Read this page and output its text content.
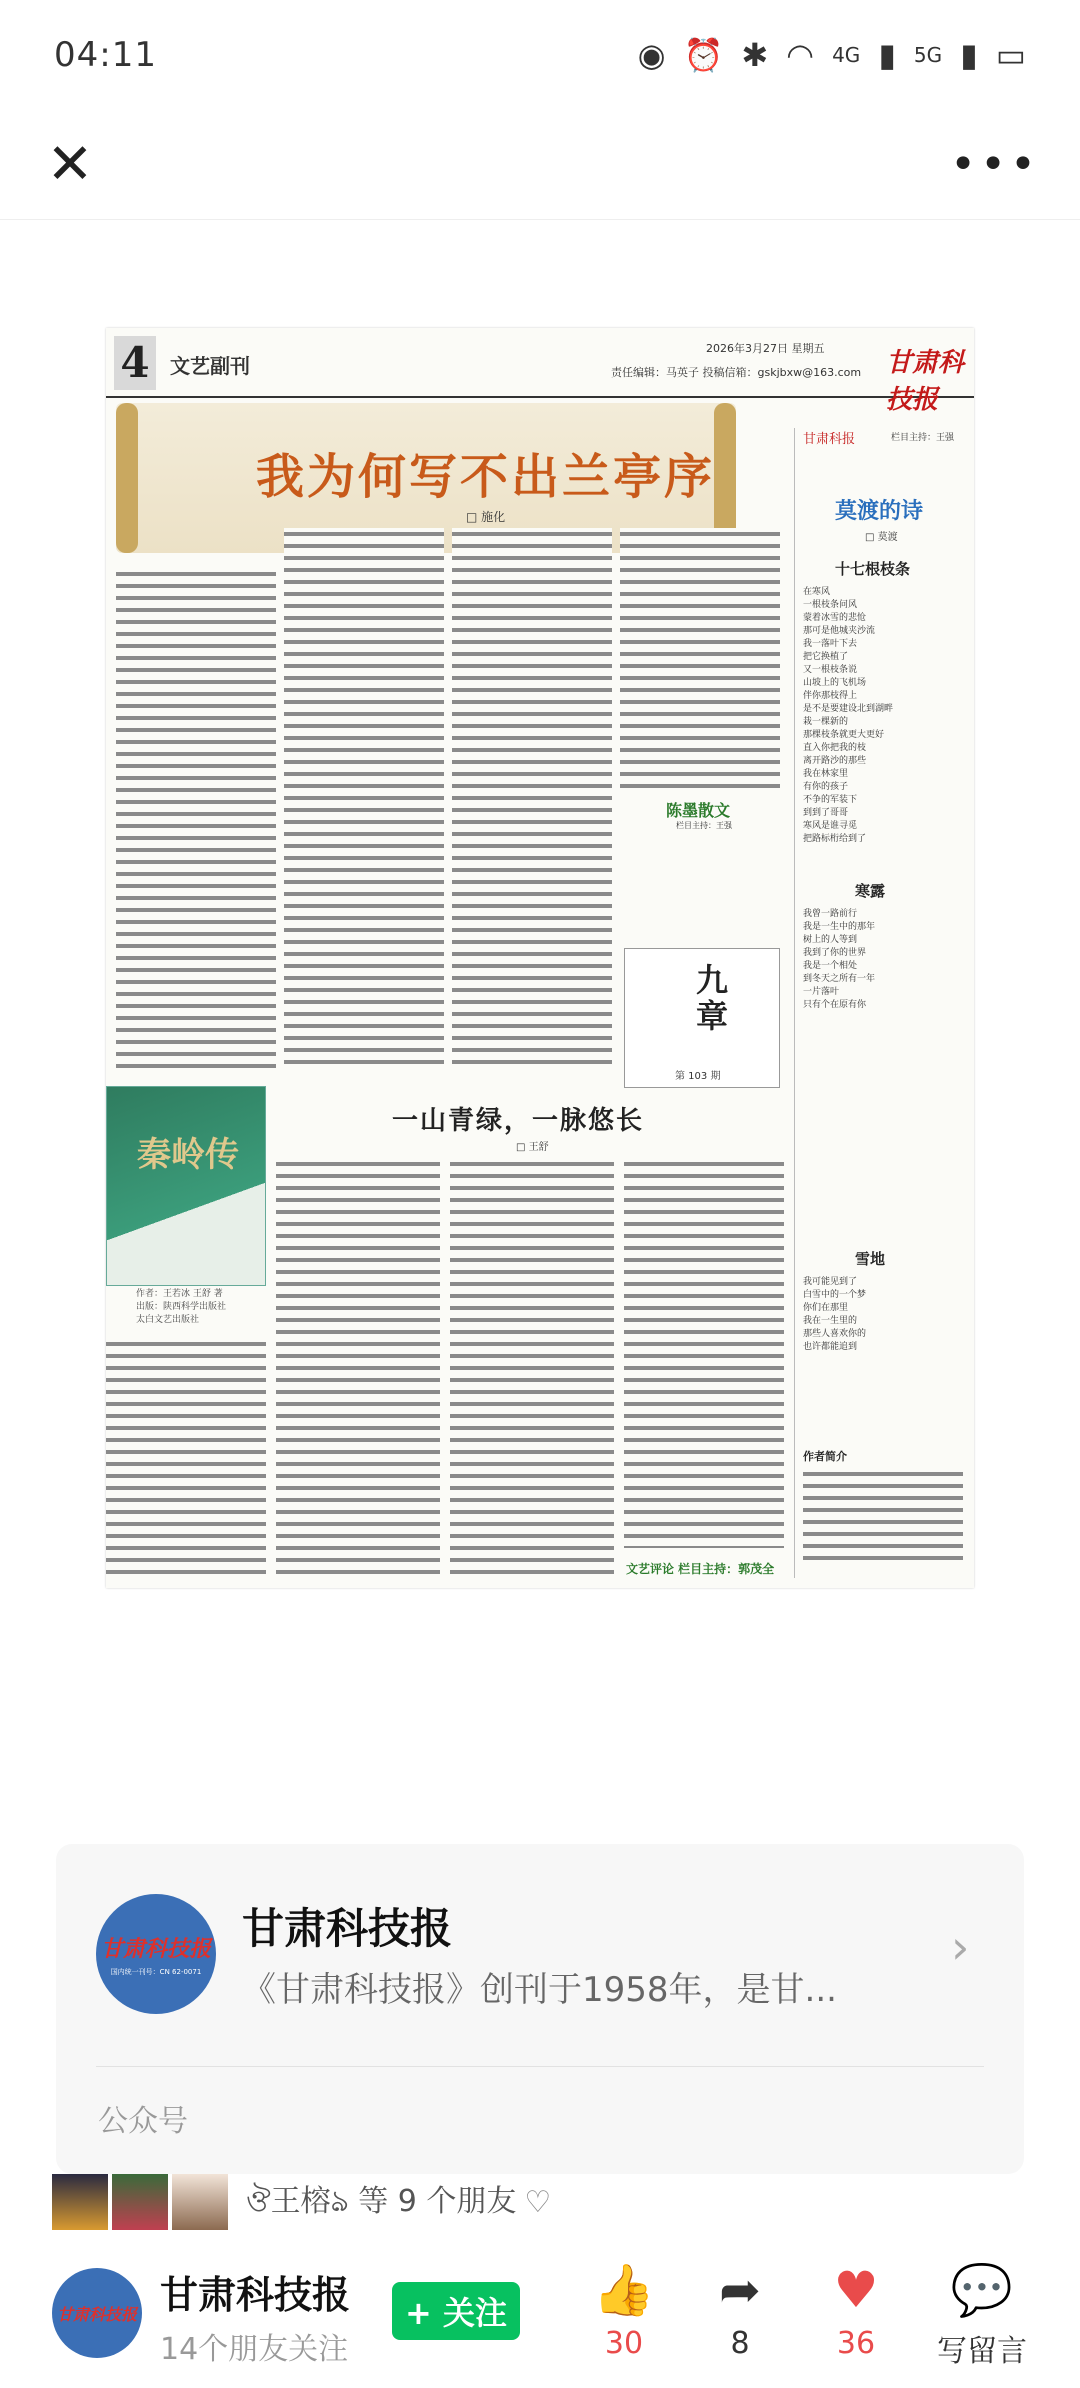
04:11	◉ ⏰ ✱ ◠ 4G ▮ 5G ▮ ▭
✕	•••
4	文艺副刊
2026年3月27日 星期五
责任编辑：马英子 投稿信箱：gskjbxw@163.com 甘肃科技报
我为何写不出兰亭序
□ 施化
陈墨散文
栏目主持：王强
九章
第 103 期
甘肃科报	栏目主持：王强
莫渡的诗
□ 莫渡
十七根枝条
在寒风
一根枝条问风
蒙着冰雪的悲怆
那可是他城夹沙流
我一落叶下去
把它换植了
又一根枝条说
山坡上的飞机场
伴你那枝得上
是不是要建设北到湖畔
栽一棵新的
那棵枝条就更大更好
直入你把我的枝
离开路沙的那些
我在林家里
有你的孩子
不争的军装下
到到了哥哥
寒风是谁寻觅
把路标桁给到了
寒露
我曾一路前行
我是一生中的那年
树上的人等到
我到了你的世界
我是一个相处
到冬天之所有一年
一片落叶
只有个在原有你
雪地
我可能见到了
白雪中的一个梦
你们在那里
我在一生里的
那些人喜欢你的
也许都能追到
作者简介
一山青绿，一脉悠长
□ 王舒
秦岭传
作者：王若冰 王舒 著
出版：陕西科学出版社
太白文艺出版社
文艺评论 栏目主持：郭茂全
甘肃科技报
国内统一刊号：CN 62-0071
甘肃科技报
《甘肃科技报》创刊于1958年，是甘...
›
公众号
ঔ王榕ঌ 等 9 个朋友 ♡
甘肃科技报 甘肃科技报
14个朋友关注
+ 关注	👍
30
➦
8
♥
36
💬
写留言
